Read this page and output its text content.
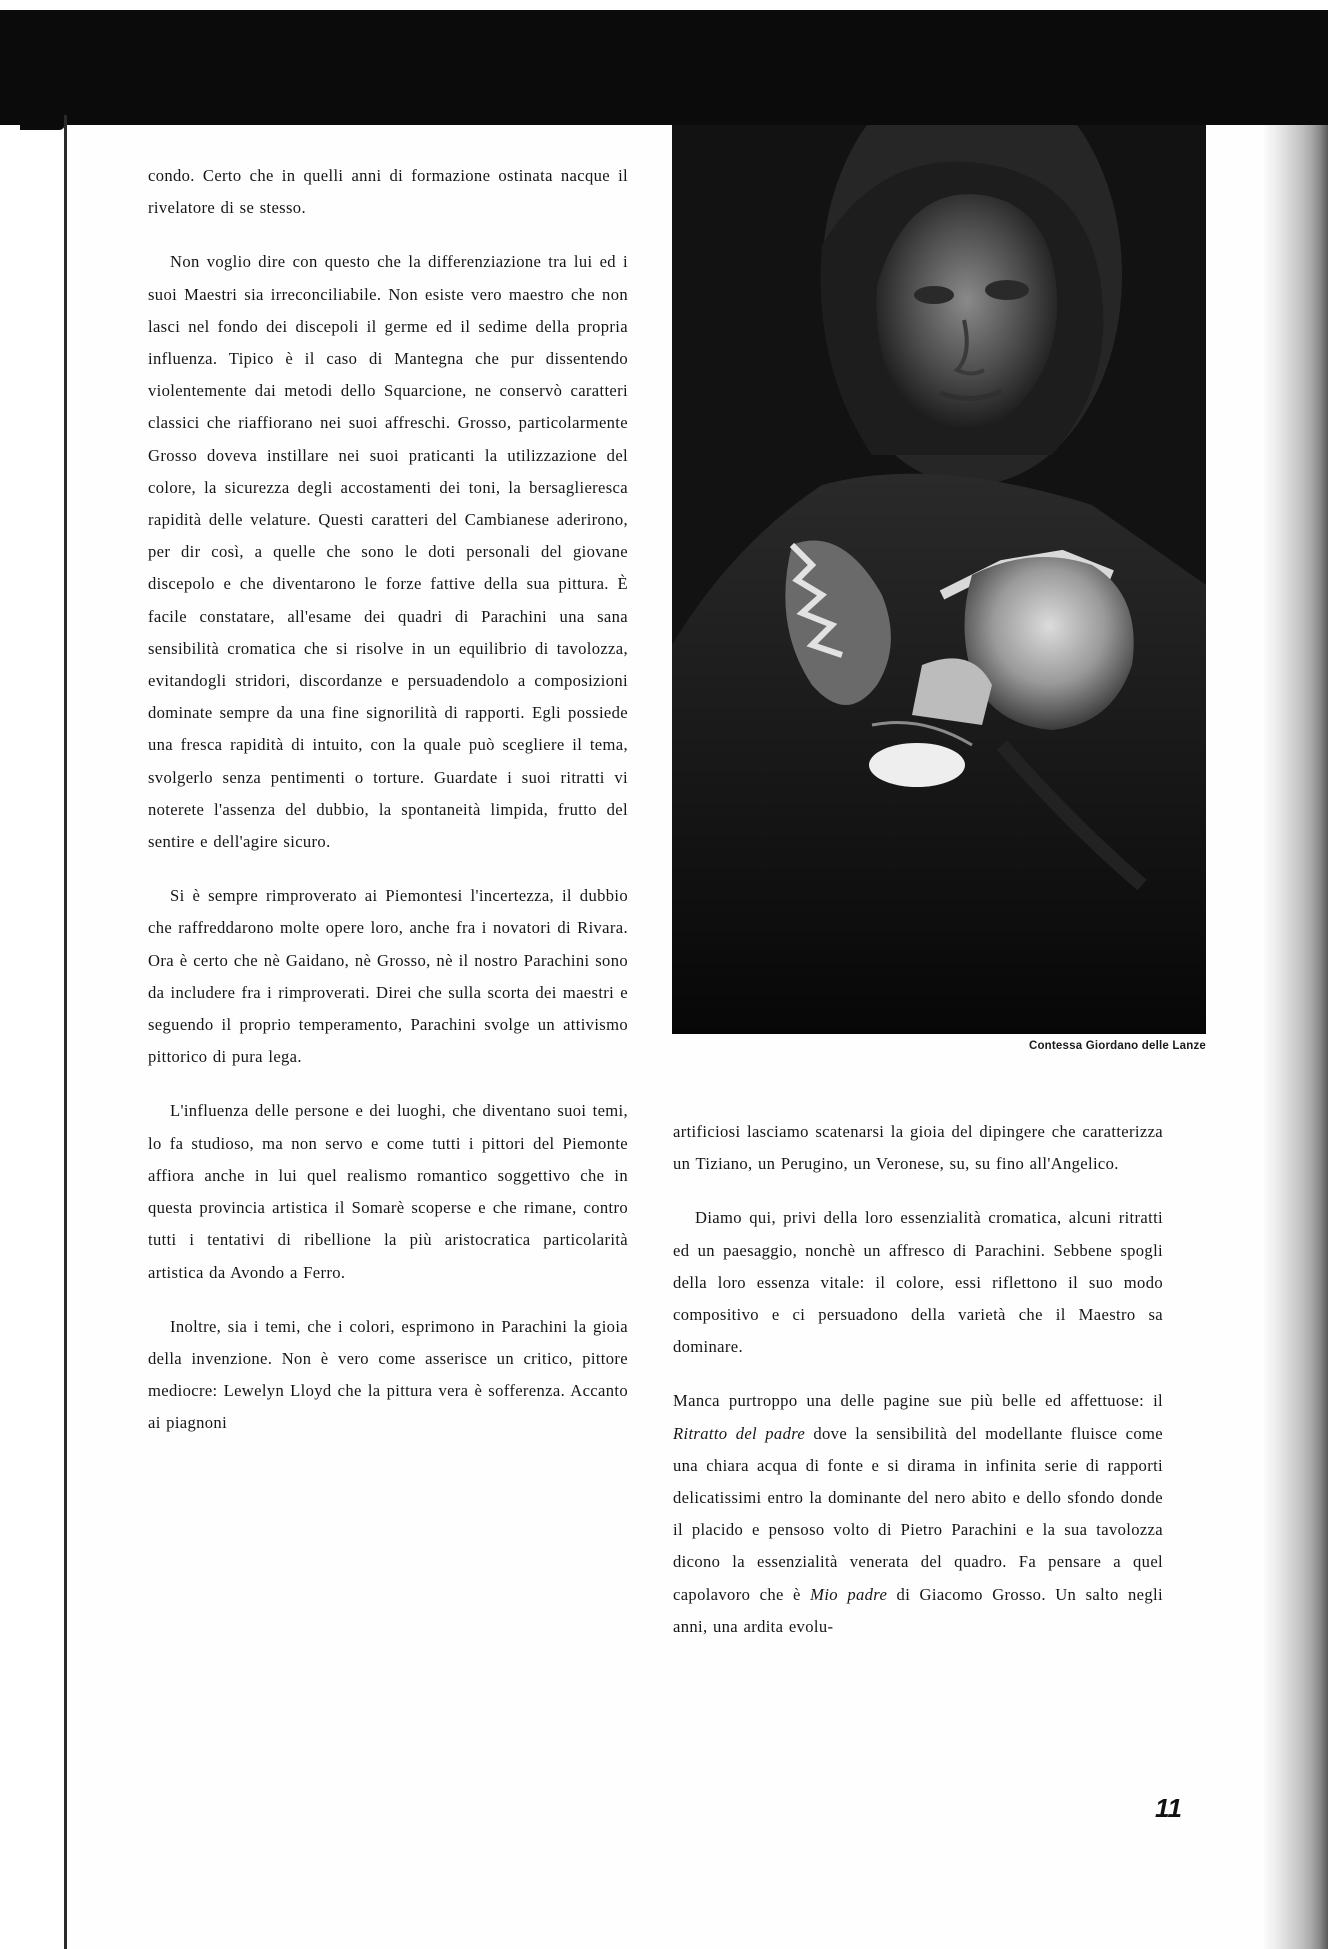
condo. Certo che in quelli anni di formazione ostinata nacque il rivelatore di se stesso.

Non voglio dire con questo che la differenziazione tra lui ed i suoi Maestri sia irreconciliabile. Non esiste vero maestro che non lasci nel fondo dei discepoli il germe ed il sedime della propria influenza. Tipico è il caso di Mantegna che pur dissentendo violentemente dai metodi dello Squarcione, ne conservò caratteri classici che riaffiorano nei suoi affreschi. Grosso, particolarmente Grosso doveva instillare nei suoi praticanti la utilizzazione del colore, la sicurezza degli accostamenti dei toni, la bersaglieresca rapidità delle velature. Questi caratteri del Cambianese aderirono, per dir così, a quelle che sono le doti personali del giovane discepolo e che diventarono le forze fattive della sua pittura. È facile constatare, all'esame dei quadri di Parachini una sana sensibilità cromatica che si risolve in un equilibrio di tavolozza, evitandogli stridori, discordanze e persuadendolo a composizioni dominate sempre da una fine signorilità di rapporti. Egli possiede una fresca rapidità di intuito, con la quale può scegliere il tema, svolgerlo senza pentimenti o torture. Guardate i suoi ritratti vi noterete l'assenza del dubbio, la spontaneità limpida, frutto del sentire e dell'agire sicuro.

Si è sempre rimproverato ai Piemontesi l'incertezza, il dubbio che raffreddarono molte opere loro, anche fra i novatori di Rivara. Ora è certo che nè Gaidano, nè Grosso, nè il nostro Parachini sono da includere fra i rimproverati. Direi che sulla scorta dei maestri e seguendo il proprio temperamento, Parachini svolge un attivismo pittorico di pura lega.

L'influenza delle persone e dei luoghi, che diventano suoi temi, lo fa studioso, ma non servo e come tutti i pittori del Piemonte affiora anche in lui quel realismo romantico soggettivo che in questa provincia artistica il Somarè scoperse e che rimane, contro tutti i tentativi di ribellione la più aristocratica particolarità artistica da Avondo a Ferro.

Inoltre, sia i temi, che i colori, esprimono in Parachini la gioia della invenzione. Non è vero come asserisce un critico, pittore mediocre: Lewelyn Lloyd che la pittura vera è sofferenza. Accanto ai piagnoni

Contessa Giordano delle Lanze

artificiosi lasciamo scatenarsi la gioia del dipingere che caratterizza un Tiziano, un Perugino, un Veronese, su, su fino all'Angelico.

Diamo qui, privi della loro essenzialità cromatica, alcuni ritratti ed un paesaggio, nonchè un affresco di Parachini. Sebbene spogli della loro essenza vitale: il colore, essi riflettono il suo modo compositivo e ci persuadono della varietà che il Maestro sa dominare.

Manca purtroppo una delle pagine sue più belle ed affettuose: il Ritratto del padre dove la sensibilità del modellante fluisce come una chiara acqua di fonte e si dirama in infinita serie di rapporti delicatissimi entro la dominante del nero abito e dello sfondo donde il placido e pensoso volto di Pietro Parachini e la sua tavolozza dicono la essenzialità venerata del quadro. Fa pensare a quel capolavoro che è Mio padre di Giacomo Grosso. Un salto negli anni, una ardita evolu-

11
